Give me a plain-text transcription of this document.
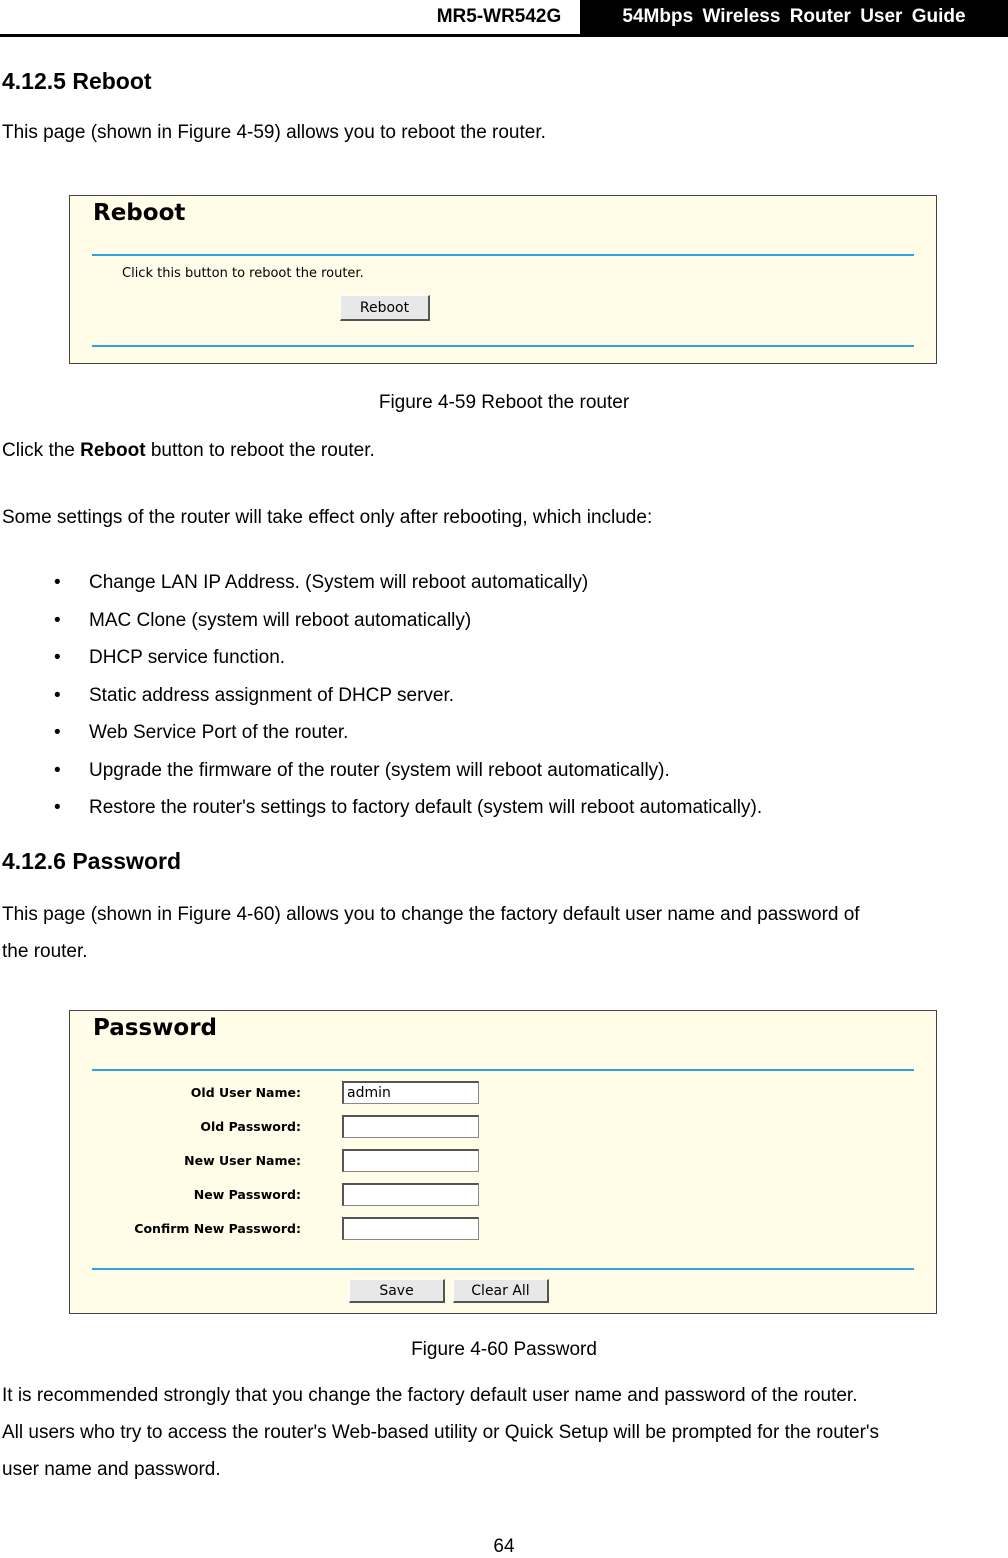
MR5-WR542G	54Mbps Wireless Router User Guide
4.12.5 Reboot
This page (shown in Figure 4-59) allows you to reboot the router.
Reboot
Click this button to reboot the router.
Reboot
Figure 4-59 Reboot the router
Click the Reboot button to reboot the router.
Some settings of the router will take effect only after rebooting, which include:
• Change LAN IP Address. (System will reboot automatically)
• MAC Clone (system will reboot automatically)
• DHCP service function.
• Static address assignment of DHCP server.
• Web Service Port of the router.
• Upgrade the firmware of the router (system will reboot automatically).
• Restore the router's settings to factory default (system will reboot automatically).
4.12.6 Password
This page (shown in Figure 4-60) allows you to change the factory default user name and password of
the router.
Password
Old User Name:
admin
Old Password:
New User Name:
New Password:
Confirm New Password:
Save	Clear All
Figure 4-60 Password
It is recommended strongly that you change the factory default user name and password of the router.
All users who try to access the router's Web-based utility or Quick Setup will be prompted for the router's
user name and password.
64
